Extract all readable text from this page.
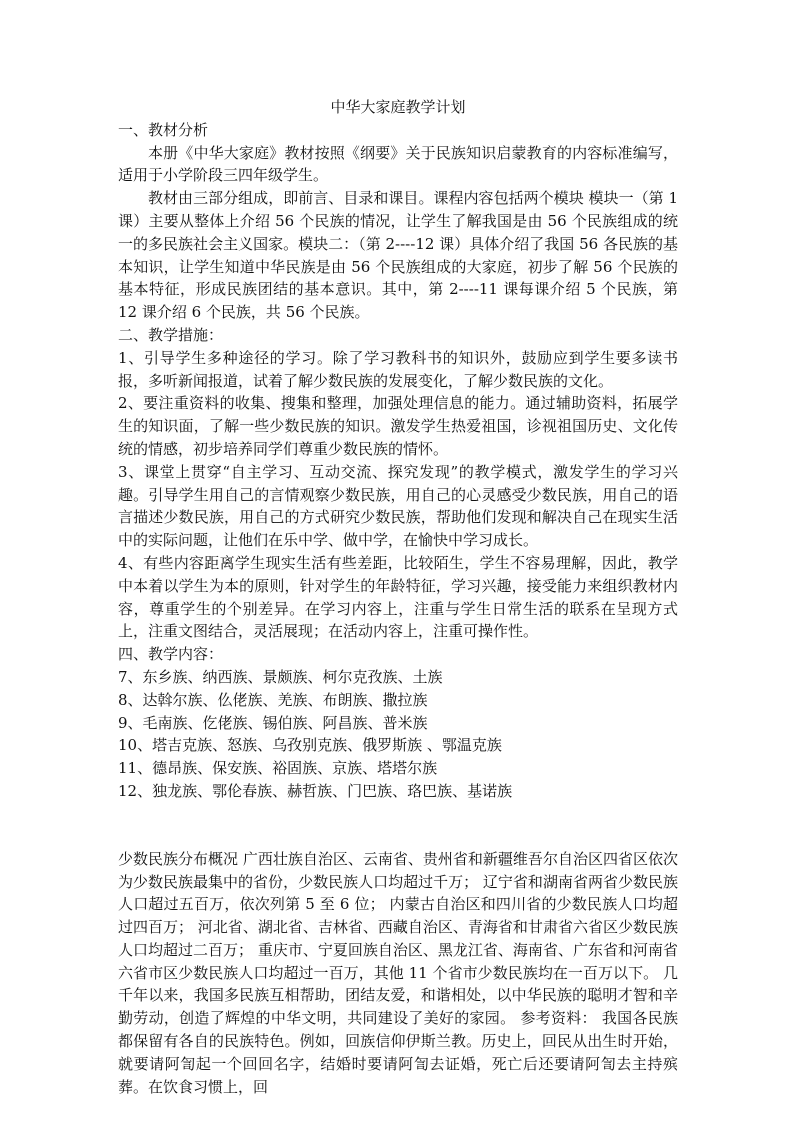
中华大家庭教学计划

一、教材分析

本册《中华大家庭》教材按照《纲要》关于民族知识启蒙教育的内容标准编写，适用于小学阶段三四年级学生。

教材由三部分组成，即前言、目录和课目。课程内容包括两个模块 模块一（第 1 课）主要从整体上介绍 56 个民族的情况，让学生了解我国是由 56 个民族组成的统一的多民族社会主义国家。模块二：（第 2----12 课）具体介绍了我国 56 各民族的基本知识，让学生知道中华民族是由 56 个民族组成的大家庭，初步了解 56 个民族的基本特征，形成民族团结的基本意识。其中，第 2----11 课每课介绍 5 个民族，第 12 课介绍 6 个民族，共 56 个民族。

二、教学措施：

1、引导学生多种途径的学习。除了学习教科书的知识外，鼓励应到学生要多读书报，多听新闻报道，试着了解少数民族的发展变化，了解少数民族的文化。

2、要注重资料的收集、搜集和整理，加强处理信息的能力。通过辅助资料，拓展学生的知识面，了解一些少数民族的知识。激发学生热爱祖国，诊视祖国历史、文化传统的情感，初步培养同学们尊重少数民族的情怀。

3、课堂上贯穿“自主学习、互动交流、探究发现”的教学模式，激发学生的学习兴趣。引导学生用自己的言情观察少数民族，用自己的心灵感受少数民族，用自己的语言描述少数民族，用自己的方式研究少数民族，帮助他们发现和解决自己在现实生活中的实际问题，让他们在乐中学、做中学，在愉快中学习成长。

4、有些内容距离学生现实生活有些差距，比较陌生，学生不容易理解，因此，教学中本着以学生为本的原则，针对学生的年龄特征，学习兴趣，接受能力来组织教材内容，尊重学生的个别差异。在学习内容上，注重与学生日常生活的联系在呈现方式上，注重文图结合，灵活展现；在活动内容上，注重可操作性。

四、教学内容：

7、东乡族、纳西族、景颇族、柯尔克孜族、土族
8、达斡尔族、仫佬族、羌族、布朗族、撒拉族
9、毛南族、仡佬族、锡伯族、阿昌族、普米族
10、塔吉克族、怒族、乌孜别克族、俄罗斯族 、鄂温克族
11、德昂族、保安族、裕固族、京族、塔塔尔族
12、独龙族、鄂伦春族、赫哲族、门巴族、珞巴族、基诺族

少数民族分布概况 广西壮族自治区、云南省、贵州省和新疆维吾尔自治区四省区依次为少数民族最集中的省份，少数民族人口均超过千万； 辽宁省和湖南省两省少数民族人口超过五百万，依次列第 5 至 6 位； 内蒙古自治区和四川省的少数民族人口均超过四百万； 河北省、湖北省、吉林省、西藏自治区、青海省和甘肃省六省区少数民族人口均超过二百万； 重庆市、宁夏回族自治区、黑龙江省、海南省、广东省和河南省六省市区少数民族人口均超过一百万，其他 11 个省市少数民族均在一百万以下。 几千年以来，我国多民族互相帮助，团结友爱，和谐相处，以中华民族的聪明才智和辛勤劳动，创造了辉煌的中华文明，共同建设了美好的家园。 参考资料： 我国各民族都保留有各自的民族特色。例如，回族信仰伊斯兰教。历史上，回民从出生时开始，就要请阿訇起一个回回名字，结婚时要请阿訇去证婚，死亡后还要请阿訇去主持殡葬。在饮食习惯上，回
